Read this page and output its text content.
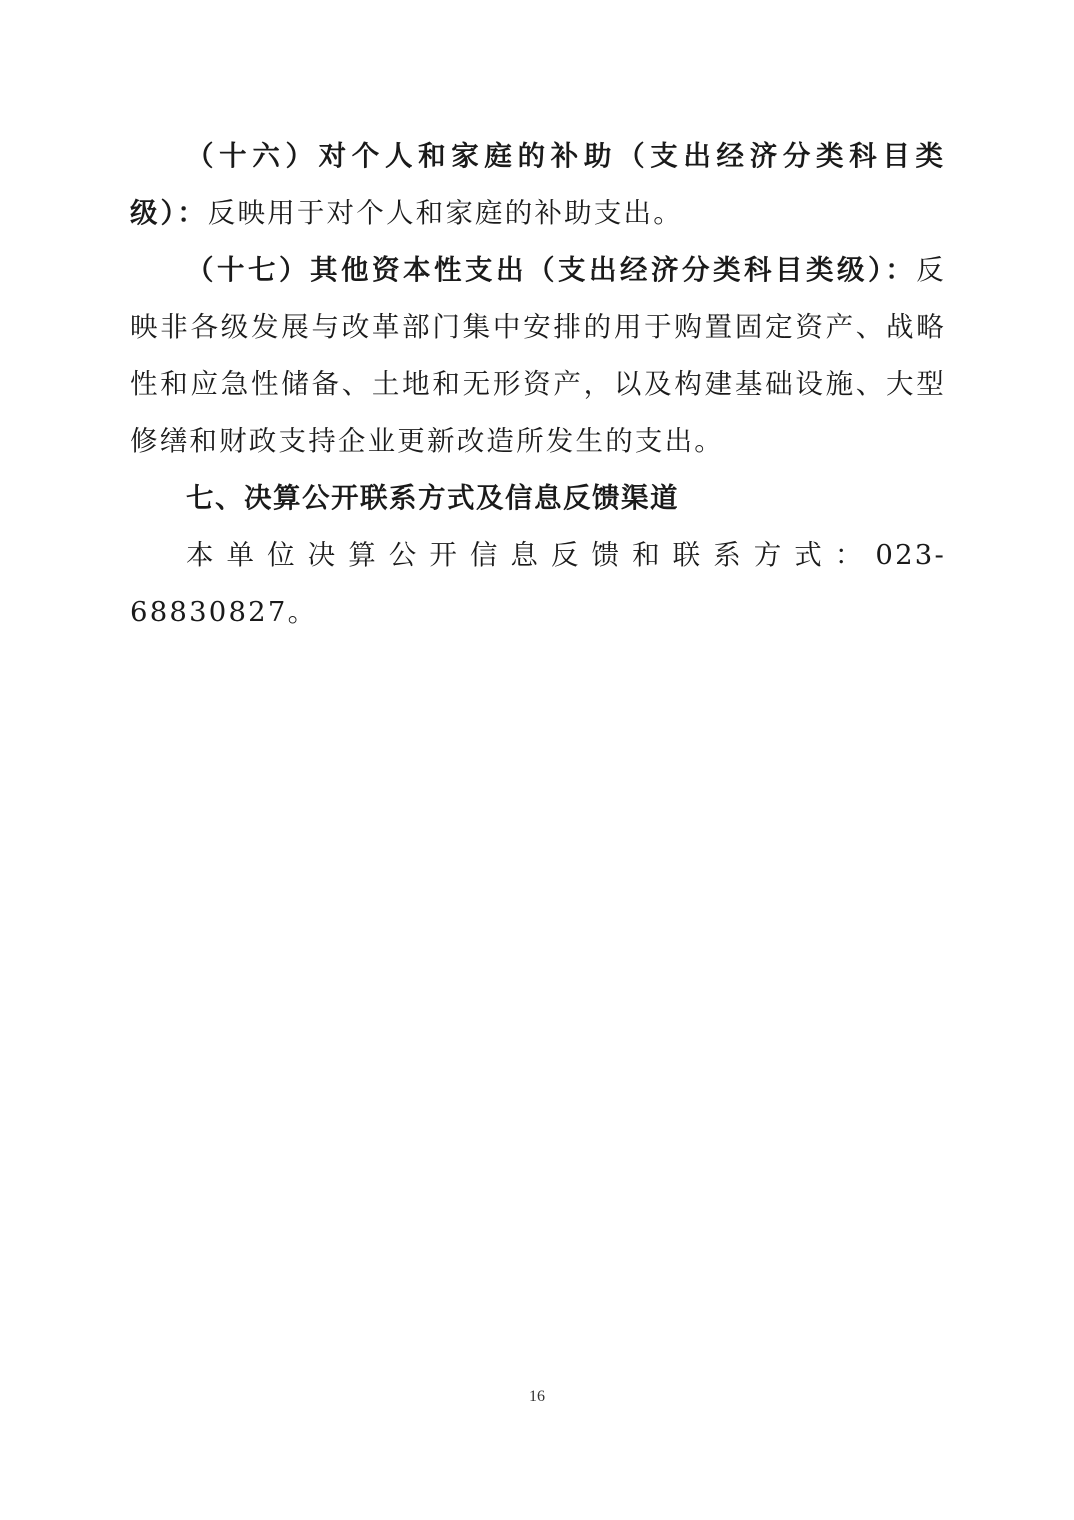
（十六）对个人和家庭的补助（支出经济分类科目类级）：反映用于对个人和家庭的补助支出。

（十七）其他资本性支出（支出经济分类科目类级）：反映非各级发展与改革部门集中安排的用于购置固定资产、战略性和应急性储备、土地和无形资产，以及构建基础设施、大型修缮和财政支持企业更新改造所发生的支出。

七、决算公开联系方式及信息反馈渠道

本单位决算公开信息反馈和联系方式：023-68830827。

16
